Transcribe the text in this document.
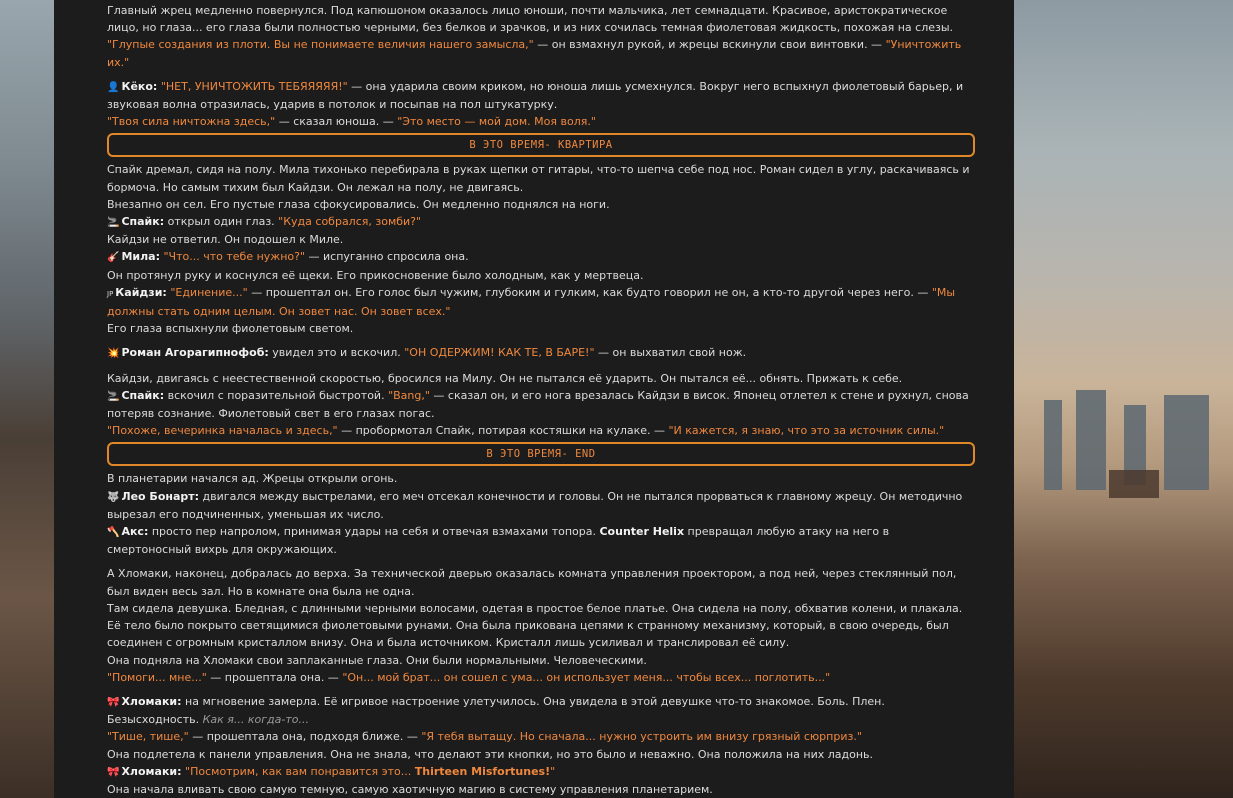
Главный жрец медленно повернулся. Под капюшоном оказалось лицо юноши, почти мальчика, лет семнадцати. Красивое, аристократическое лицо, но глаза... его глаза были полностью черными, без белков и зрачков, и из них сочилась темная фиолетовая жидкость, похожая на слезы.

"Глупые создания из плоти. Вы не понимаете величия нашего замысла," — он взмахнул рукой, и жрецы вскинули свои винтовки. — "Уничтожить их."

👤 Кёко: "НЕТ, УНИЧТОЖИТЬ ТЕБЯЯЯЯЯ!" — она ударила своим криком, но юноша лишь усмехнулся. Вокруг него вспыхнул фиолетовый барьер, и звуковая волна отразилась, ударив в потолок и посыпав на пол штукатурку.

"Твоя сила ничтожна здесь," — сказал юноша. — "Это место — мой дом. Моя воля."

В ЭТО ВРЕМЯ- КВАРТИРА

Спайк дремал, сидя на полу. Мила тихонько перебирала в руках щепки от гитары, что-то шепча себе под нос. Роман сидел в углу, раскачиваясь и бормоча. Но самым тихим был Кайдзи. Он лежал на полу, не двигаясь.

Внезапно он сел. Его пустые глаза сфокусировались. Он медленно поднялся на ноги.

🚬 Спайк: открыл один глаз. "Куда собрался, зомби?"

Кайдзи не ответил. Он подошел к Миле.

🎸 Мила: "Что... что тебе нужно?" — испуганно спросила она.

Он протянул руку и коснулся её щеки. Его прикосновение было холодным, как у мертвеца.

JP Кайдзи: "Единение..." — прошептал он. Его голос был чужим, глубоким и гулким, как будто говорил не он, а кто-то другой через него. — "Мы должны стать одним целым. Он зовет нас. Он зовет всех."

Его глаза вспыхнули фиолетовым светом.

💥 Роман Агорагипнофоб: увидел это и вскочил. "ОН ОДЕРЖИМ! КАК ТЕ, В БАРЕ!" — он выхватил свой нож.

Кайдзи, двигаясь с неестественной скоростью, бросился на Милу. Он не пытался её ударить. Он пытался её... обнять. Прижать к себе.

🚬 Спайк: вскочил с поразительной быстротой. "Bang," — сказал он, и его нога врезалась Кайдзи в висок. Японец отлетел к стене и рухнул, снова потеряв сознание. Фиолетовый свет в его глазах погас.

"Похоже, вечеринка началась и здесь," — пробормотал Спайк, потирая костяшки на кулаке. — "И кажется, я знаю, что это за источник силы."

В ЭТО ВРЕМЯ- END

В планетарии начался ад. Жрецы открыли огонь.

🐺 Лео Бонарт: двигался между выстрелами, его меч отсекал конечности и головы. Он не пытался прорваться к главному жрецу. Он методично вырезал его подчиненных, уменьшая их число.

🪓 Акс: просто пер напролом, принимая удары на себя и отвечая взмахами топора. Counter Helix превращал любую атаку на него в смертоносный вихрь для окружающих.

А Хломаки, наконец, добралась до верха. За технической дверью оказалась комната управления проектором, а под ней, через стеклянный пол, был виден весь зал. Но в комнате она была не одна.

Там сидела девушка. Бледная, с длинными черными волосами, одетая в простое белое платье. Она сидела на полу, обхватив колени, и плакала. Её тело было покрыто светящимися фиолетовыми рунами. Она была прикована цепями к странному механизму, который, в свою очередь, был соединен с огромным кристаллом внизу. Она и была источником. Кристалл лишь усиливал и транслировал её силу.

Она подняла на Хломаки свои заплаканные глаза. Они были нормальными. Человеческими.

"Помоги... мне..." — прошептала она. — "Он... мой брат... он сошел с ума... он использует меня... чтобы всех... поглотить..."

🎀 Хломаки: на мгновение замерла. Её игривое настроение улетучилось. Она увидела в этой девушке что-то знакомое. Боль. Плен. Безысходность. Как я... когда-то...

"Тише, тише," — прошептала она, подходя ближе. — "Я тебя вытащу. Но сначала... нужно устроить им внизу грязный сюрприз."

Она подлетела к панели управления. Она не знала, что делают эти кнопки, но это было и неважно. Она положила на них ладонь.

🎀 Хломаки: "Посмотрим, как вам понравится это... Thirteen Misfortunes!"

Она начала вливать свою самую темную, самую хаотичную магию в систему управления планетарием.
